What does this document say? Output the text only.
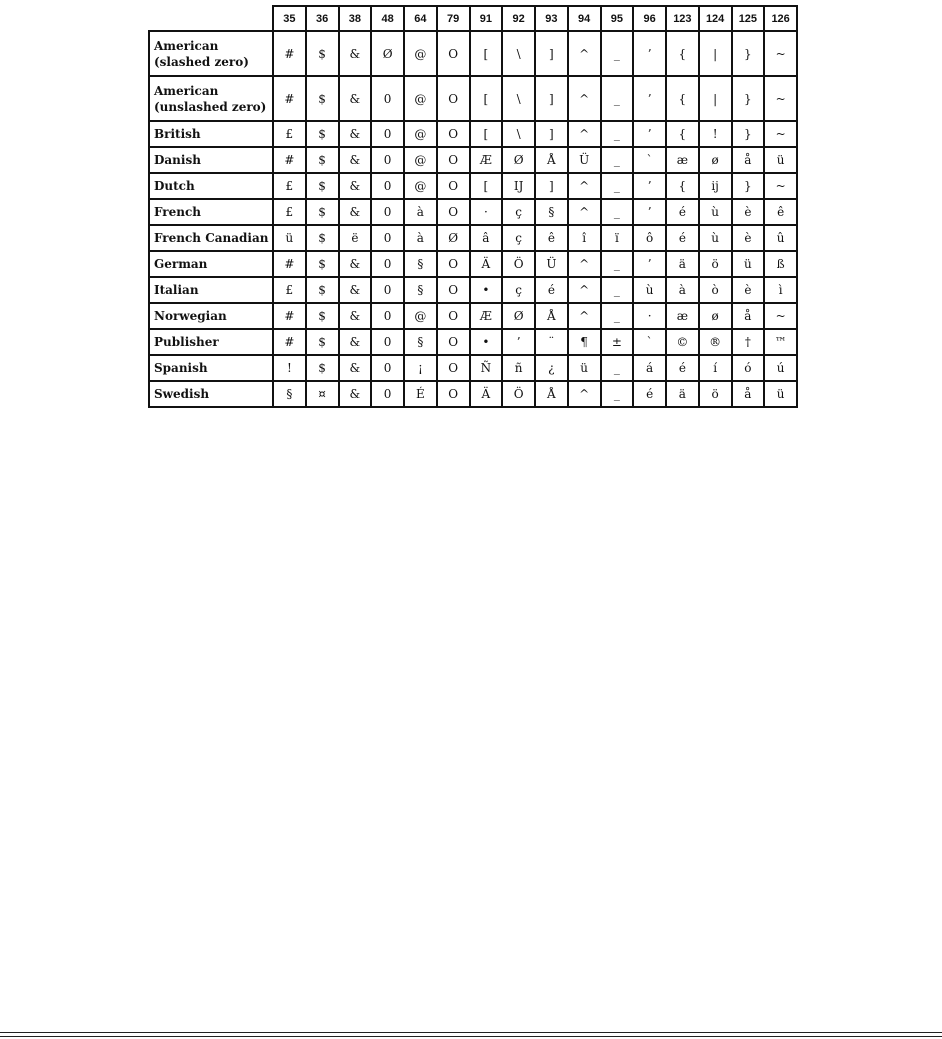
	35	36	38	48	64	79	91	92	93	94	95	96	123	124	125	126

American
(slashed zero)	#	$	&	Ø	@	O	[	\	]	^	_	’	{	|	}	~

American
(unslashed zero)	#	$	&	0	@	O	[	\	]	^	_	’	{	|	}	~

British	£	$	&	0	@	O	[	\	]	^	_	’	{	!	}	~

Danish	#	$	&	0	@	O	Æ	Ø	Å	Ü	_	`	æ	ø	å	ü

Dutch	£	$	&	0	@	O	[	IJ	]	^	_	’	{	ij	}	~

French	£	$	&	0	à	O	·	ç	§	^	_	’	é	ù	è	ê

French Canadian	ü	$	ë	0	à	Ø	â	ç	ê	î	ï	ô	é	ù	è	û

German	#	$	&	0	§	O	Ä	Ö	Ü	^	_	’	ä	ö	ü	ß

Italian	£	$	&	0	§	O	•	ç	é	^	_	ù	à	ò	è	ì

Norwegian	#	$	&	0	@	O	Æ	Ø	Å	^	_	·	æ	ø	å	~

Publisher	#	$	&	0	§	O	•	’	¨	¶	±	`	©	®	†	™

Spanish	!	$	&	0	¡	O	Ñ	ñ	¿	ü	_	á	é	í	ó	ú

Swedish	§	¤	&	0	É	O	Ä	Ö	Å	^	_	é	ä	ö	å	ü
